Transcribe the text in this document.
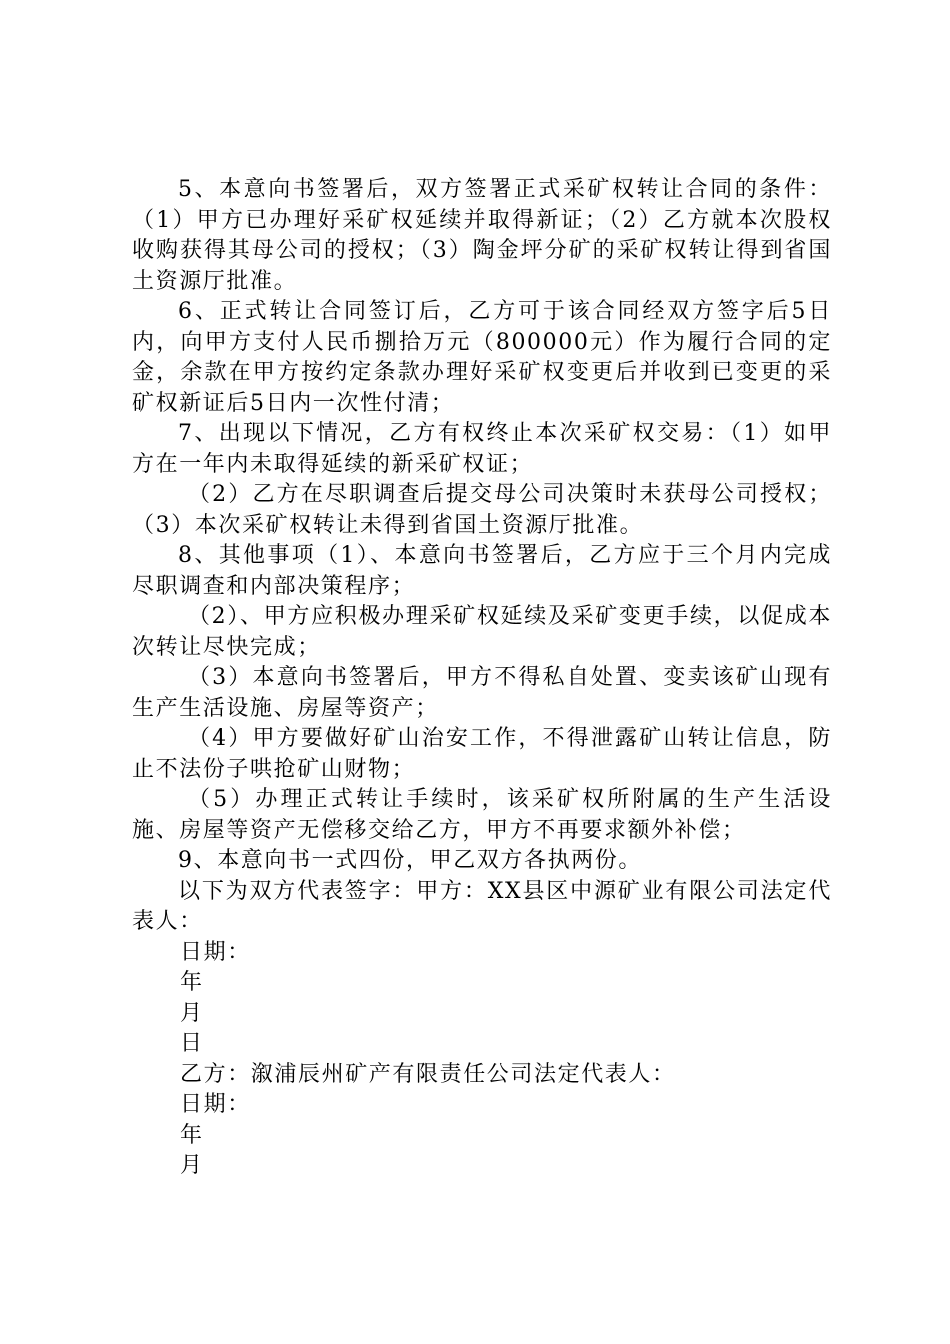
5、本意向书签署后，双方签署正式采矿权转让合同的条件：（1）甲方已办理好采矿权延续并取得新证；（2）乙方就本次股权收购获得其母公司的授权；（3）陶金坪分矿的采矿权转让得到省国土资源厅批准。

6、正式转让合同签订后，乙方可于该合同经双方签字后5日内，向甲方支付人民币捌拾万元（800000元）作为履行合同的定金，余款在甲方按约定条款办理好采矿权变更后并收到已变更的采矿权新证后5日内一次性付清；

7、出现以下情况，乙方有权终止本次采矿权交易：（1）如甲方在一年内未取得延续的新采矿权证；

（2）乙方在尽职调查后提交母公司决策时未获母公司授权；（3）本次采矿权转让未得到省国土资源厅批准。

8、其他事项（1）、本意向书签署后，乙方应于三个月内完成尽职调查和内部决策程序；

（2）、甲方应积极办理采矿权延续及采矿变更手续，以促成本次转让尽快完成；

（3）本意向书签署后，甲方不得私自处置、变卖该矿山现有生产生活设施、房屋等资产；

（4）甲方要做好矿山治安工作，不得泄露矿山转让信息，防止不法份子哄抢矿山财物；

（5）办理正式转让手续时，该采矿权所附属的生产生活设施、房屋等资产无偿移交给乙方，甲方不再要求额外补偿；

9、本意向书一式四份，甲乙双方各执两份。

以下为双方代表签字：甲方：XX县区中源矿业有限公司法定代表人：

日期：

年

月

日

乙方：溆浦辰州矿产有限责任公司法定代表人：

日期：

年

月
